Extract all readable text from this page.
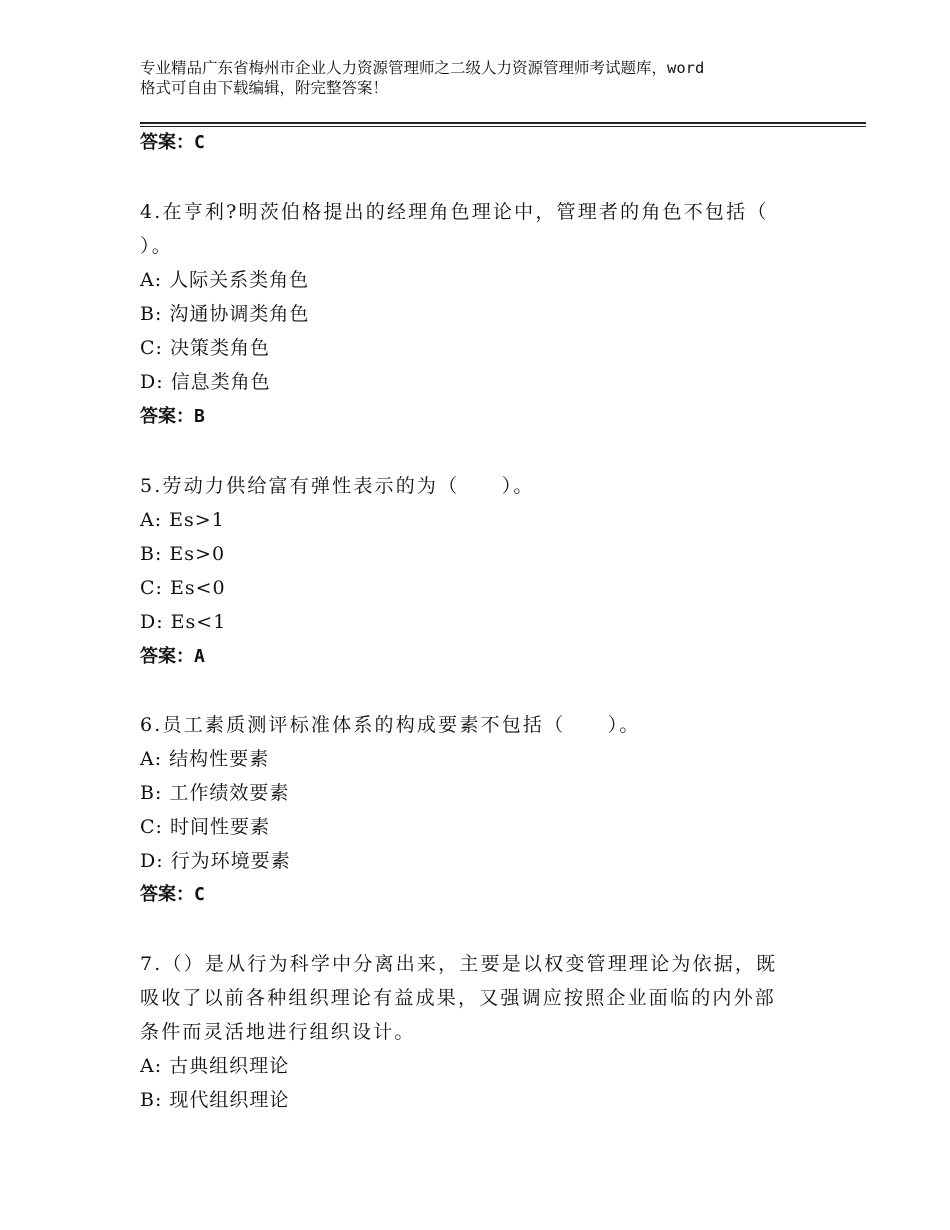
专业精品广东省梅州市企业人力资源管理师之二级人力资源管理师考试题库，word
格式可自由下载编辑，附完整答案！
答案：C
4.在亨利?明茨伯格提出的经理角色理论中，管理者的角色不包括（
）。
A: 人际关系类角色
B: 沟通协调类角色
C: 决策类角色
D: 信息类角色
答案：B
5.劳动力供给富有弹性表示的为（　　）。
A: Es>1
B: Es>0
C: Es<0
D: Es<1
答案：A
6.员工素质测评标准体系的构成要素不包括（　　）。
A: 结构性要素
B: 工作绩效要素
C: 时间性要素
D: 行为环境要素
答案：C
7.（）是从行为科学中分离出来，主要是以权变管理理论为依据，既
吸收了以前各种组织理论有益成果，又强调应按照企业面临的内外部
条件而灵活地进行组织设计。
A: 古典组织理论
B: 现代组织理论
